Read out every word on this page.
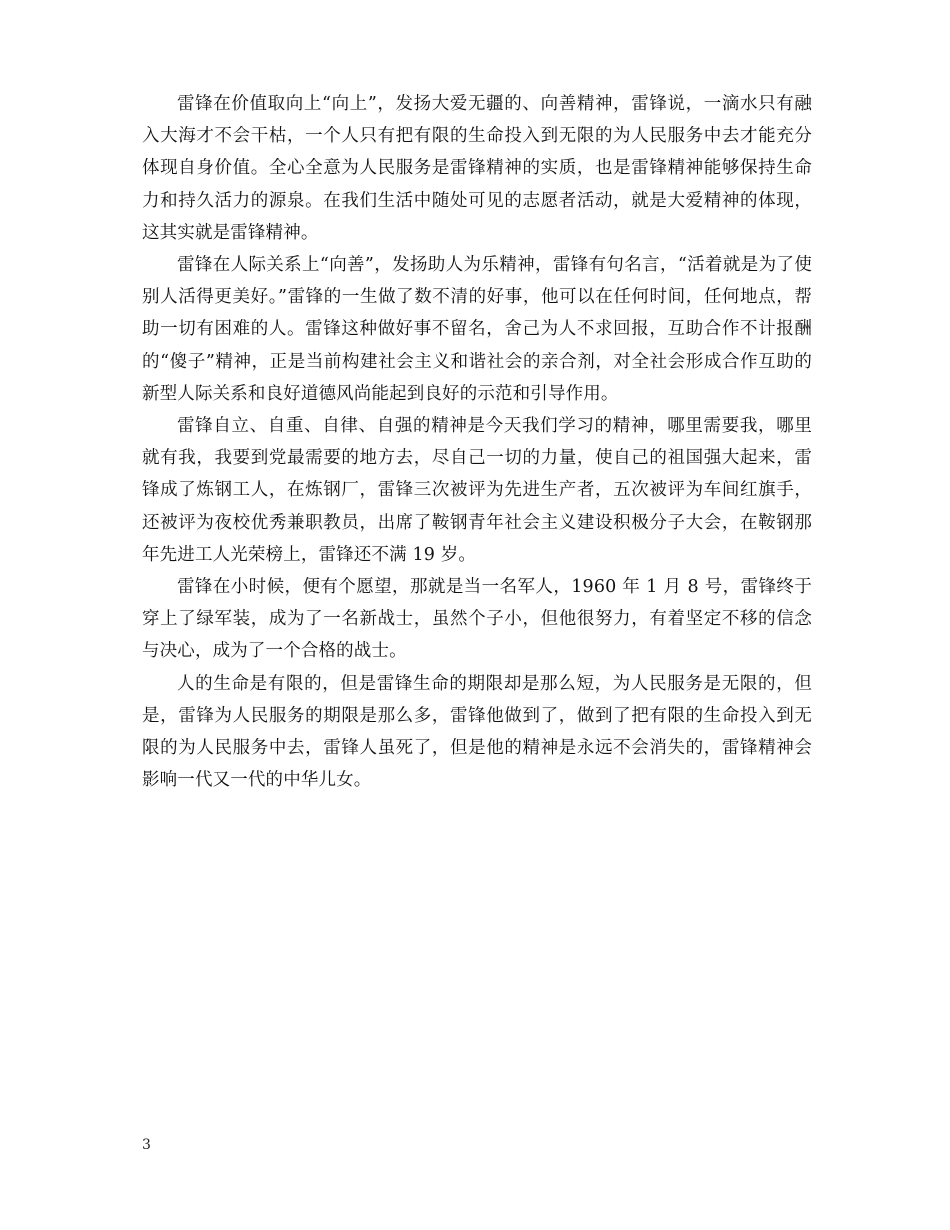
雷锋在价值取向上“向上”，发扬大爱无疆的、向善精神，雷锋说，一滴水只有融入大海才不会干枯，一个人只有把有限的生命投入到无限的为人民服务中去才能充分体现自身价值。全心全意为人民服务是雷锋精神的实质，也是雷锋精神能够保持生命力和持久活力的源泉。在我们生活中随处可见的志愿者活动，就是大爱精神的体现，这其实就是雷锋精神。

雷锋在人际关系上“向善”，发扬助人为乐精神，雷锋有句名言，“活着就是为了使别人活得更美好。”雷锋的一生做了数不清的好事，他可以在任何时间，任何地点，帮助一切有困难的人。雷锋这种做好事不留名，舍己为人不求回报，互助合作不计报酬的“傻子”精神，正是当前构建社会主义和谐社会的亲合剂，对全社会形成合作互助的新型人际关系和良好道德风尚能起到良好的示范和引导作用。

雷锋自立、自重、自律、自强的精神是今天我们学习的精神，哪里需要我，哪里就有我，我要到党最需要的地方去，尽自己一切的力量，使自己的祖国强大起来，雷锋成了炼钢工人，在炼钢厂，雷锋三次被评为先进生产者，五次被评为车间红旗手，还被评为夜校优秀兼职教员，出席了鞍钢青年社会主义建设积极分子大会，在鞍钢那年先进工人光荣榜上，雷锋还不满 19 岁。

雷锋在小时候，便有个愿望，那就是当一名军人，1960 年 1 月 8 号，雷锋终于穿上了绿军装，成为了一名新战士，虽然个子小，但他很努力，有着坚定不移的信念与决心，成为了一个合格的战士。

人的生命是有限的，但是雷锋生命的期限却是那么短，为人民服务是无限的，但是，雷锋为人民服务的期限是那么多，雷锋他做到了，做到了把有限的生命投入到无限的为人民服务中去，雷锋人虽死了，但是他的精神是永远不会消失的，雷锋精神会影响一代又一代的中华儿女。

3
